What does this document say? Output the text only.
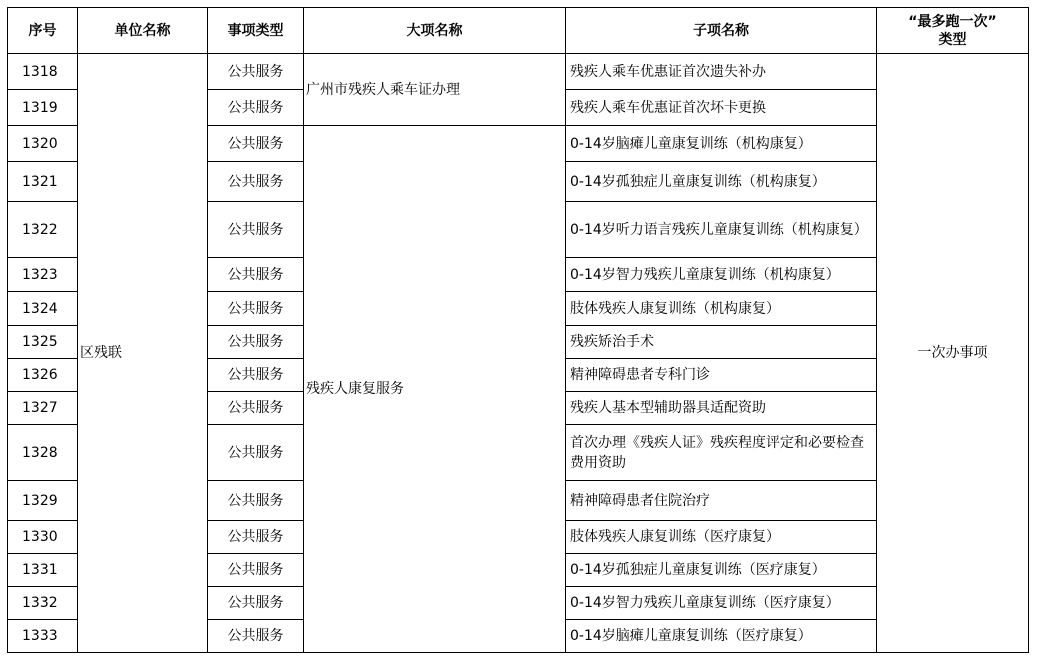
序号	单位名称	事项类型	大项名称	子项名称	“最多跑一次”
类型

1318	区残联	公共服务	广州市残疾人乘车证办理	残疾人乘车优惠证首次遗失补办	一次办事项
1319		公共服务		残疾人乘车优惠证首次坏卡更换	
1320		公共服务	残疾人康复服务	0-14岁脑瘫儿童康复训练（机构康复）	
1321		公共服务		0-14岁孤独症儿童康复训练（机构康复）	
1322		公共服务		0-14岁听力语言残疾儿童康复训练（机构康复）	
1323		公共服务		0-14岁智力残疾儿童康复训练（机构康复）	
1324		公共服务		肢体残疾人康复训练（机构康复）	
1325		公共服务		残疾矫治手术	
1326		公共服务		精神障碍患者专科门诊	
1327		公共服务		残疾人基本型辅助器具适配资助	
1328		公共服务		首次办理《残疾人证》残疾程度评定和必要检查费用资助	
1329		公共服务		精神障碍患者住院治疗	
1330		公共服务		肢体残疾人康复训练（医疗康复）	
1331		公共服务		0-14岁孤独症儿童康复训练（医疗康复）	
1332		公共服务		0-14岁智力残疾儿童康复训练（医疗康复）	
1333		公共服务		0-14岁脑瘫儿童康复训练（医疗康复）	
